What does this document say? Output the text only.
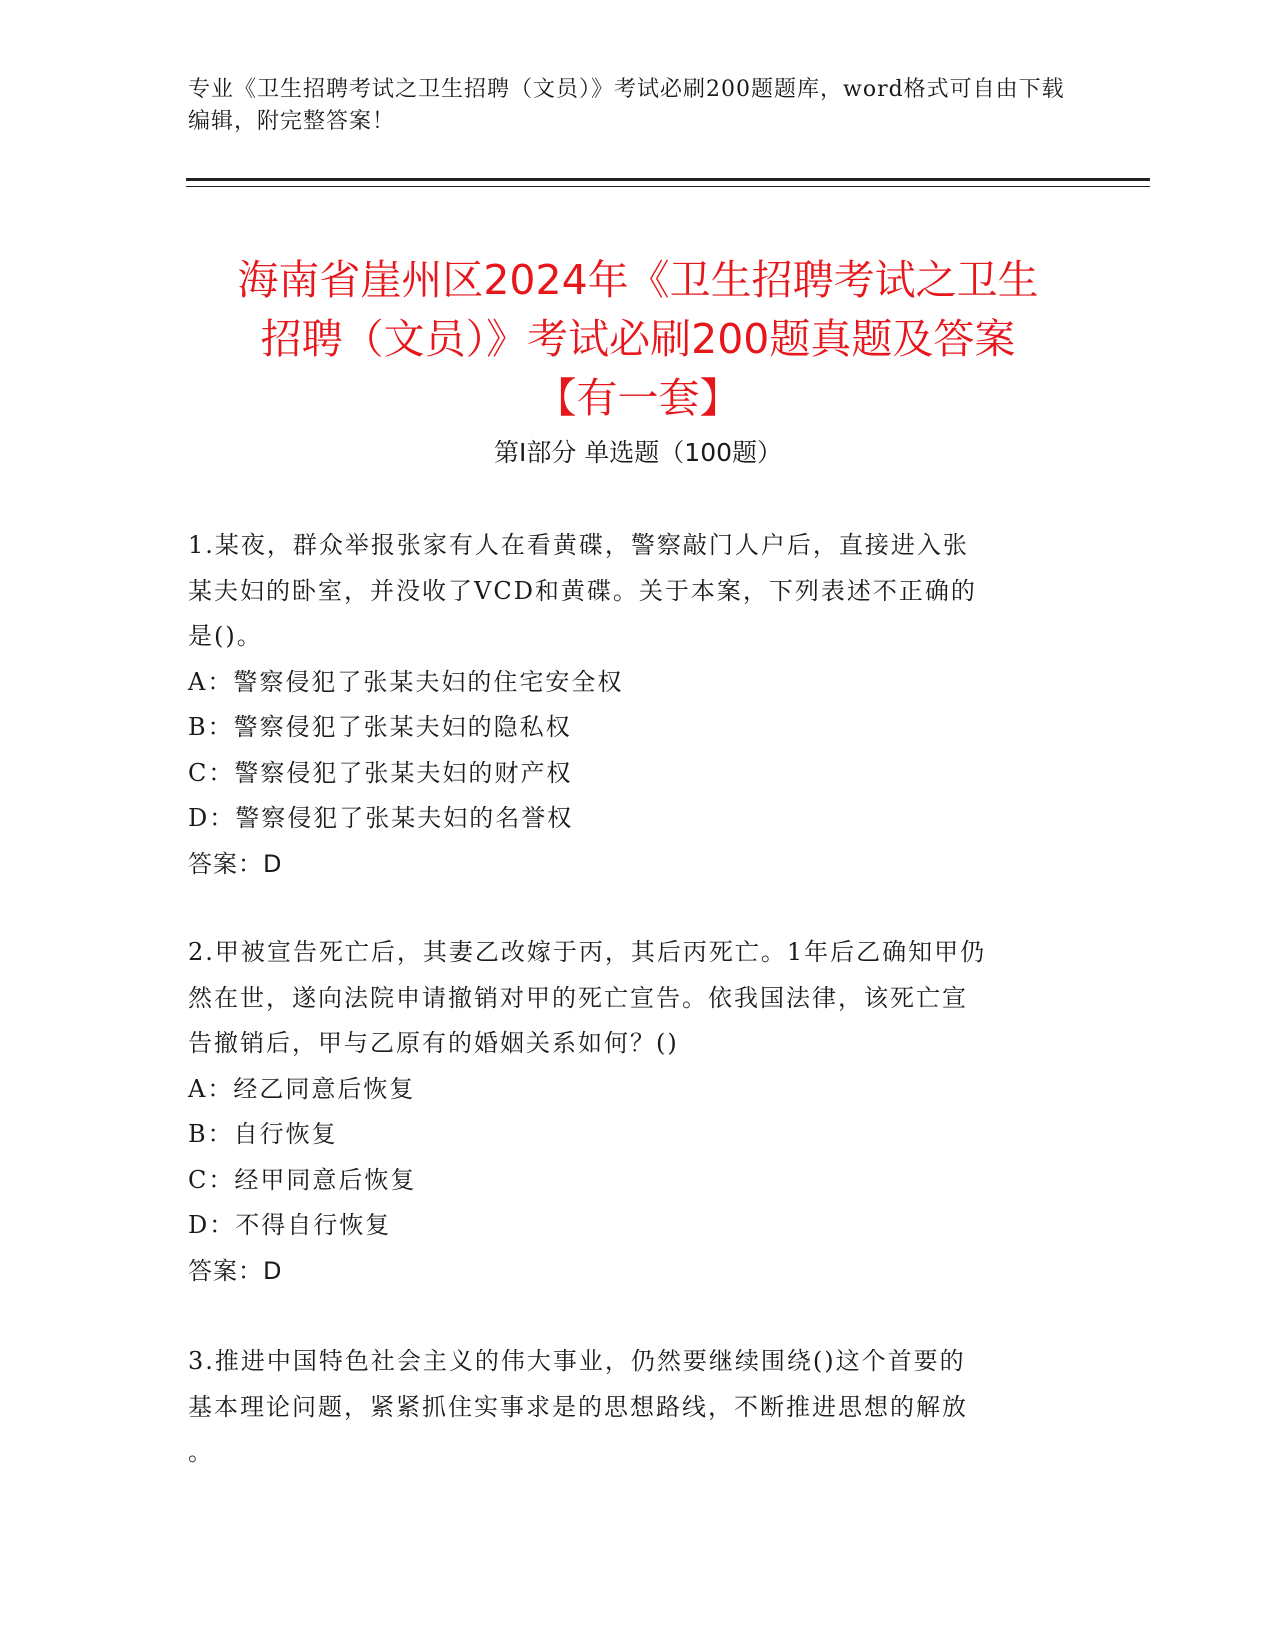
专业《卫生招聘考试之卫生招聘（文员）》考试必刷200题题库，word格式可自由下载编辑，附完整答案！
海南省崖州区2024年《卫生招聘考试之卫生
招聘（文员）》考试必刷200题真题及答案
【有一套】
第Ⅰ部分 单选题（100题）

1.某夜，群众举报张家有人在看黄碟，警察敲门人户后，直接进入张

某夫妇的卧室，并没收了VCD和黄碟。关于本案，下列表述不正确的

是()。

A：警察侵犯了张某夫妇的住宅安全权

B：警察侵犯了张某夫妇的隐私权

C：警察侵犯了张某夫妇的财产权

D：警察侵犯了张某夫妇的名誉权

答案：D

2.甲被宣告死亡后，其妻乙改嫁于丙，其后丙死亡。1年后乙确知甲仍

然在世，遂向法院申请撤销对甲的死亡宣告。依我国法律，该死亡宣

告撤销后，甲与乙原有的婚姻关系如何？()

A：经乙同意后恢复

B：自行恢复

C：经甲同意后恢复

D：不得自行恢复

答案：D

3.推进中国特色社会主义的伟大事业，仍然要继续围绕()这个首要的

基本理论问题，紧紧抓住实事求是的思想路线，不断推进思想的解放

。
